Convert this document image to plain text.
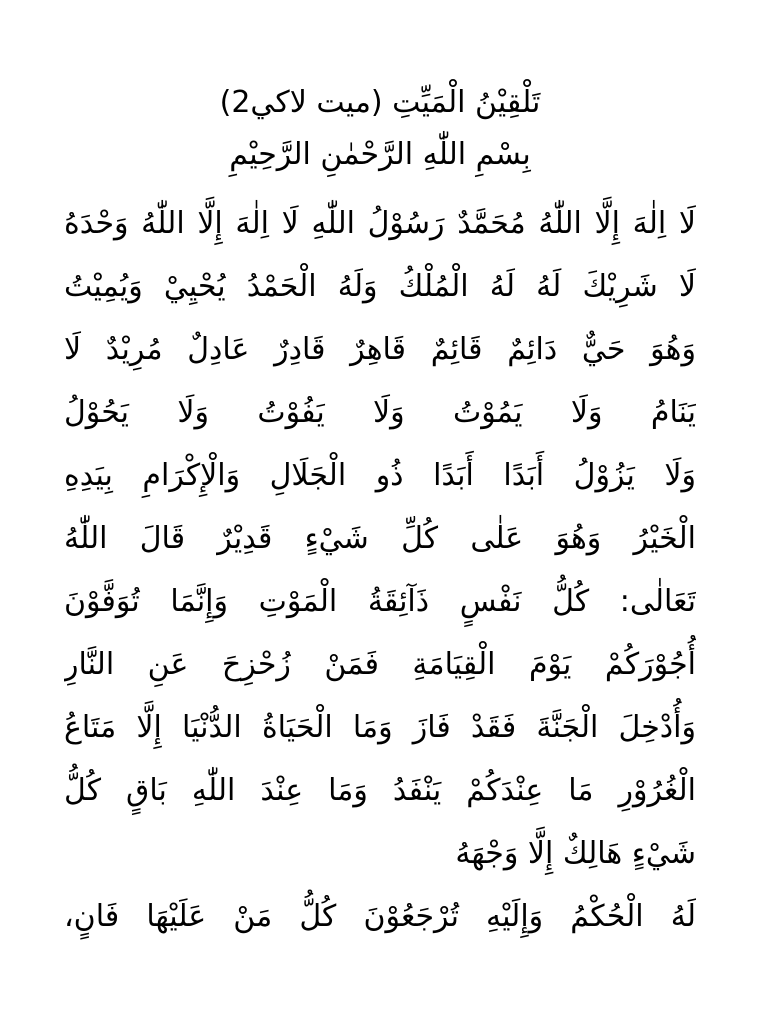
تَلْقِيْنُ الْمَيِّتِ (ميت لاكي2)
بِسْمِ اللّٰهِ الرَّحْمٰنِ الرَّحِيْمِ
لَا اِلٰهَ إِلَّا اللّٰهُ مُحَمَّدٌ رَسُوْلُ اللّٰهِ لَا اِلٰهَ إِلَّا اللّٰهُ وَحْدَهُ
لَا شَرِيْكَ لَهُ لَهُ الْمُلْكُ وَلَهُ الْحَمْدُ يُحْيِيْ وَيُمِيْتُ
وَهُوَ حَيٌّ دَائِمٌ قَائِمٌ قَاهِرٌ قَادِرٌ عَادِلٌ مُرِيْدٌ لَا
يَنَامُ وَلَا يَمُوْتُ وَلَا يَفُوْتُ وَلَا يَحُوْلُ
وَلَا يَزُوْلُ أَبَدًا أَبَدًا ذُو الْجَلَالِ وَالْإِكْرَامِ بِيَدِهِ
الْخَيْرُ وَهُوَ عَلٰى كُلِّ شَيْءٍ قَدِيْرٌ قَالَ اللّٰهُ
تَعَالٰى: كُلُّ نَفْسٍ ذَآئِقَةُ الْمَوْتِ وَإِنَّمَا تُوَفَّوْنَ
أُجُوْرَكُمْ يَوْمَ الْقِيَامَةِ فَمَنْ زُحْزِحَ عَنِ النَّارِ
وَأُدْخِلَ الْجَنَّةَ فَقَدْ فَازَ وَمَا الْحَيَاةُ الدُّنْيَا إِلَّا مَتَاعُ
الْغُرُوْرِ مَا عِنْدَكُمْ يَنْفَدُ وَمَا عِنْدَ اللّٰهِ بَاقٍ كُلُّ
شَيْءٍ هَالِكٌ إِلَّا وَجْهَهُ
لَهُ الْحُكْمُ وَإِلَيْهِ تُرْجَعُوْنَ كُلُّ مَنْ عَلَيْهَا فَانٍ،
